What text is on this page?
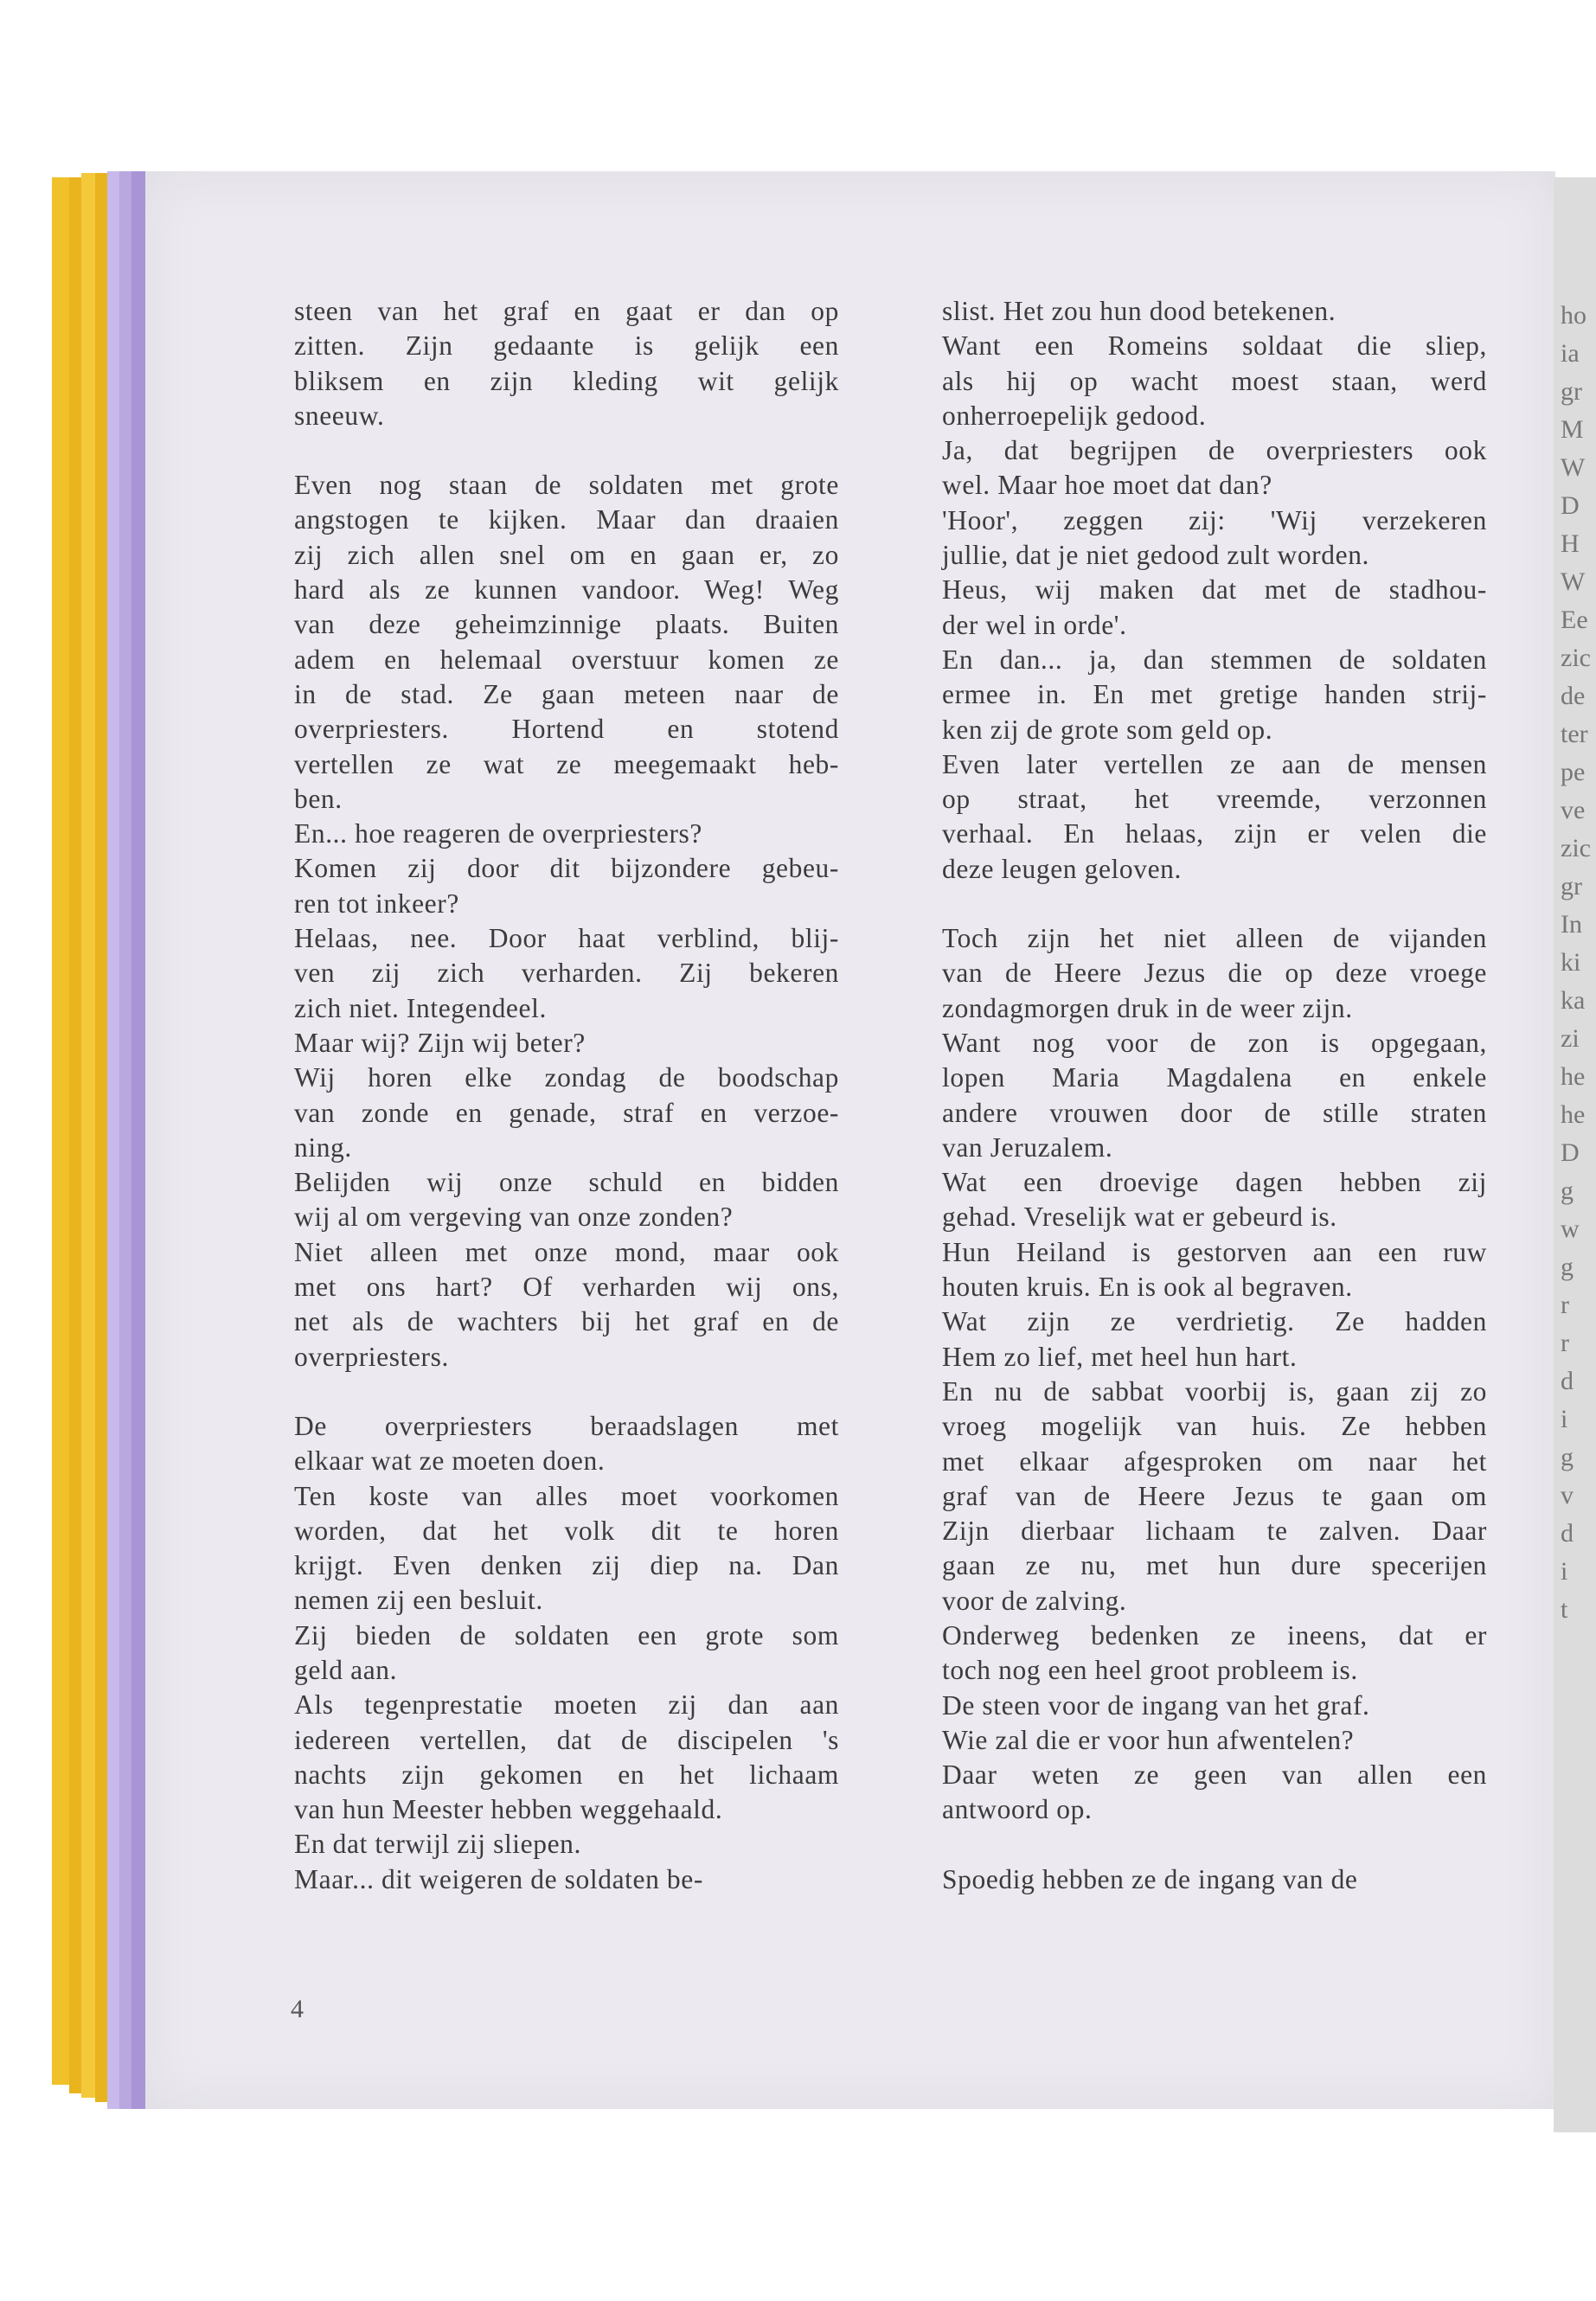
ho
ia
gr
M
W
D
H
W
Ee
zic
de
ter
pe
ve
zic
gr
In
ki
ka
zi
he
he
D
g
w
g
r
r
d
i
g
v
d
i
t
steen van het graf en gaat er dan op
zitten. Zijn gedaante is gelijk een
bliksem en zijn kleding wit gelijk
sneeuw.
Even nog staan de soldaten met grote
angstogen te kijken. Maar dan draaien
zij zich allen snel om en gaan er, zo
hard als ze kunnen vandoor. Weg! Weg
van deze geheimzinnige plaats. Buiten
adem en helemaal overstuur komen ze
in de stad. Ze gaan meteen naar de
overpriesters. Hortend en stotend
vertellen ze wat ze meegemaakt heb-
ben.
En... hoe reageren de overpriesters?
Komen zij door dit bijzondere gebeu-
ren tot inkeer?
Helaas, nee. Door haat verblind, blij-
ven zij zich verharden. Zij bekeren
zich niet. Integendeel.
Maar wij? Zijn wij beter?
Wij horen elke zondag de boodschap
van zonde en genade, straf en verzoe-
ning.
Belijden wij onze schuld en bidden
wij al om vergeving van onze zonden?
Niet alleen met onze mond, maar ook
met ons hart? Of verharden wij ons,
net als de wachters bij het graf en de
overpriesters.
De overpriesters beraadslagen met
elkaar wat ze moeten doen.
Ten koste van alles moet voorkomen
worden, dat het volk dit te horen
krijgt. Even denken zij diep na. Dan
nemen zij een besluit.
Zij bieden de soldaten een grote som
geld aan.
Als tegenprestatie moeten zij dan aan
iedereen vertellen, dat de discipelen 's
nachts zijn gekomen en het lichaam
van hun Meester hebben weggehaald.
En dat terwijl zij sliepen.
Maar... dit weigeren de soldaten be-
slist. Het zou hun dood betekenen.
Want een Romeins soldaat die sliep,
als hij op wacht moest staan, werd
onherroepelijk gedood.
Ja, dat begrijpen de overpriesters ook
wel. Maar hoe moet dat dan?
'Hoor', zeggen zij: 'Wij verzekeren
jullie, dat je niet gedood zult worden.
Heus, wij maken dat met de stadhou-
der wel in orde'.
En dan... ja, dan stemmen de soldaten
ermee in. En met gretige handen strij-
ken zij de grote som geld op.
Even later vertellen ze aan de mensen
op straat, het vreemde, verzonnen
verhaal. En helaas, zijn er velen die
deze leugen geloven.
Toch zijn het niet alleen de vijanden
van de Heere Jezus die op deze vroege
zondagmorgen druk in de weer zijn.
Want nog voor de zon is opgegaan,
lopen Maria Magdalena en enkele
andere vrouwen door de stille straten
van Jeruzalem.
Wat een droevige dagen hebben zij
gehad. Vreselijk wat er gebeurd is.
Hun Heiland is gestorven aan een ruw
houten kruis. En is ook al begraven.
Wat zijn ze verdrietig. Ze hadden
Hem zo lief, met heel hun hart.
En nu de sabbat voorbij is, gaan zij zo
vroeg mogelijk van huis. Ze hebben
met elkaar afgesproken om naar het
graf van de Heere Jezus te gaan om
Zijn dierbaar lichaam te zalven. Daar
gaan ze nu, met hun dure specerijen
voor de zalving.
Onderweg bedenken ze ineens, dat er
toch nog een heel groot probleem is.
De steen voor de ingang van het graf.
Wie zal die er voor hun afwentelen?
Daar weten ze geen van allen een
antwoord op.
Spoedig hebben ze de ingang van de
4
